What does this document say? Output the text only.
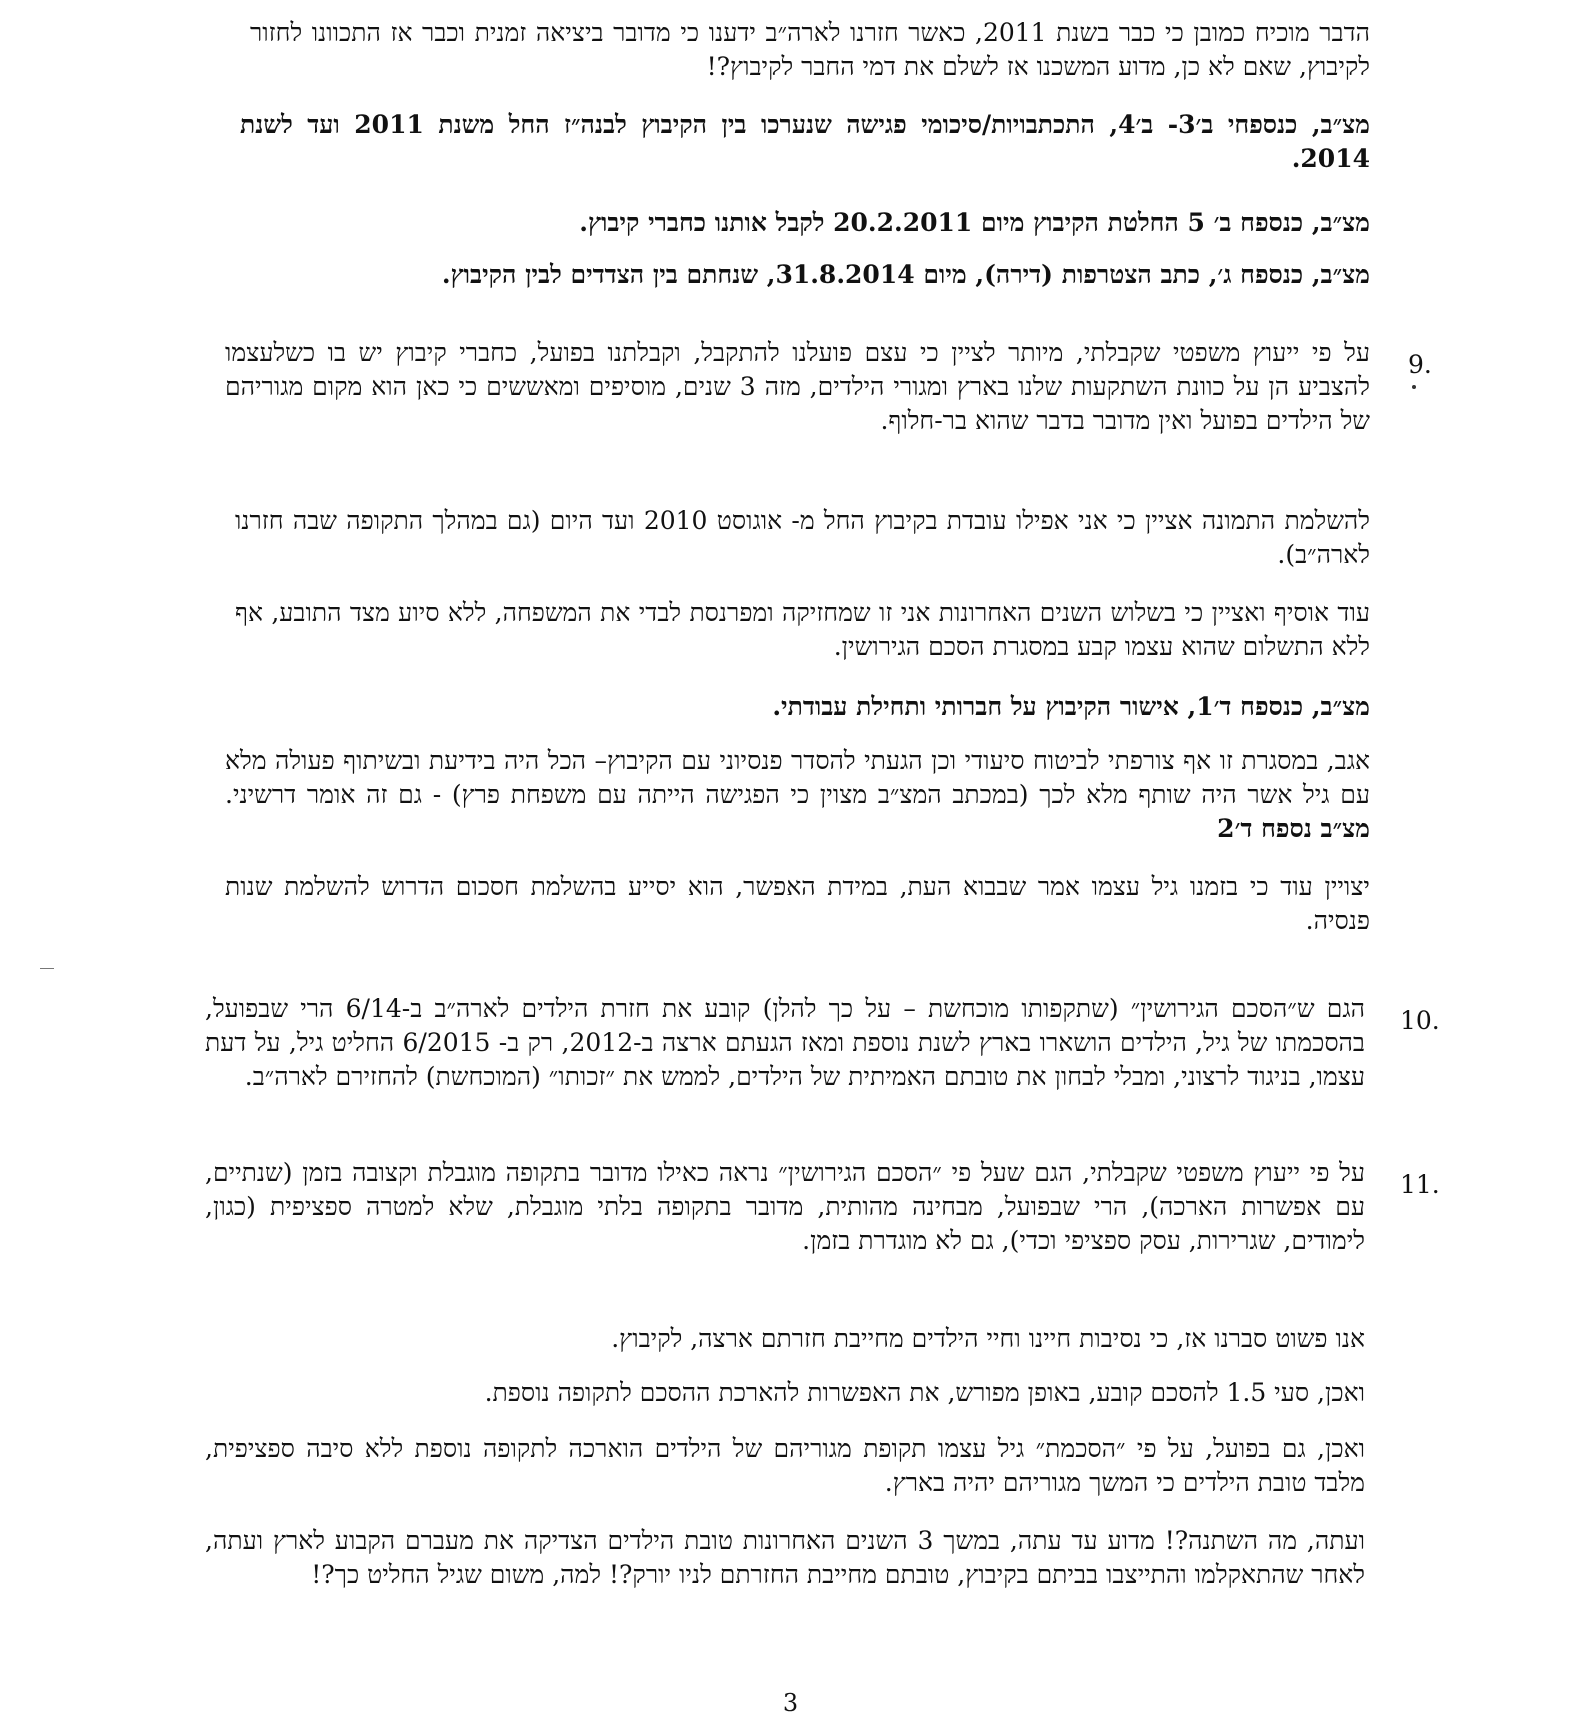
הדבר מוכיח כמובן כי כבר בשנת 2011, כאשר חזרנו לארה״ב ידענו כי מדובר ביציאה זמנית וכבר אז התכוונו לחזור לקיבוץ, שאם לא כן, מדוע המשכנו אז לשלם את דמי החבר לקיבוץ?!

מצ״ב, כנספחי ב׳3- ב׳4, התכתבויות/סיכומי פגישה שנערכו בין הקיבוץ לבנה״ז החל משנת 2011 ועד לשנת 2014.

מצ״ב, כנספח ב׳ 5 החלטת הקיבוץ מיום 20.2.2011 לקבל אותנו כחברי קיבוץ.

מצ״ב, כנספח ג׳, כתב הצטרפות (דירה), מיום 31.8.2014, שנחתם בין הצדדים לבין הקיבוץ.

9.

על פי ייעוץ משפטי שקבלתי, מיותר לציין כי עצם פועלנו להתקבל, וקבלתנו בפועל, כחברי קיבוץ יש בו כשלעצמו להצביע הן על כוונת השתקעות שלנו בארץ ומגורי הילדים, מזה 3 שנים, מוסיפים ומאששים כי כאן הוא מקום מגוריהם של הילדים בפועל ואין מדובר בדבר שהוא בר-חלוף.

להשלמת התמונה אציין כי אני אפילו עובדת בקיבוץ החל מ- אוגוסט 2010 ועד היום (גם במהלך התקופה שבה חזרנו לארה״ב).

עוד אוסיף ואציין כי בשלוש השנים האחרונות אני זו שמחזיקה ומפרנסת לבדי את המשפחה, ללא סיוע מצד התובע, אף ללא התשלום שהוא עצמו קבע במסגרת הסכם הגירושין.

מצ״ב, כנספח ד׳1, אישור הקיבוץ על חברותי ותחילת עבודתי.

אגב, במסגרת זו אף צורפתי לביטוח סיעודי וכן הגעתי להסדר פנסיוני עם הקיבוץ– הכל היה בידיעת ובשיתוף פעולה מלא עם גיל אשר היה שותף מלא לכך (במכתב המצ״ב מצוין כי הפגישה הייתה עם משפחת פרץ) - גם זה אומר דרשיני. מצ״ב נספח ד׳2

יצויין עוד כי בזמנו גיל עצמו אמר שבבוא העת, במידת האפשר, הוא יסייע בהשלמת חסכום הדרוש להשלמת שנות פנסיה.

10.

הגם ש״הסכם הגירושין״ (שתקפותו מוכחשת – על כך להלן) קובע את חזרת הילדים לארה״ב ב-6/14 הרי שבפועל, בהסכמתו של גיל, הילדים הושארו בארץ לשנת נוספת ומאז הגעתם ארצה ב-2012, רק ב- 6/2015 החליט גיל, על דעת עצמו, בניגוד לרצוני, ומבלי לבחון את טובתם האמיתית של הילדים, לממש את ״זכותו״ (המוכחשת) להחזירם לארה״ב.

11.

על פי ייעוץ משפטי שקבלתי, הגם שעל פי ״הסכם הגירושין״ נראה כאילו מדובר בתקופה מוגבלת וקצובה בזמן (שנתיים, עם אפשרות הארכה), הרי שבפועל, מבחינה מהותית, מדובר בתקופה בלתי מוגבלת, שלא למטרה ספציפית (כגון, לימודים, שגרירות, עסק ספציפי וכדי), גם לא מוגדרת בזמן.

אנו פשוט סברנו אז, כי נסיבות חיינו וחיי הילדים מחייבת חזרתם ארצה, לקיבוץ.

ואכן, סעי 1.5 להסכם קובע, באופן מפורש, את האפשרות להארכת ההסכם לתקופה נוספת.

ואכן, גם בפועל, על פי ״הסכמת״ גיל עצמו תקופת מגוריהם של הילדים הוארכה לתקופה נוספת ללא סיבה ספציפית, מלבד טובת הילדים כי המשך מגוריהם יהיה בארץ.

ועתה, מה השתנה?! מדוע עד עתה, במשך 3 השנים האחרונות טובת הילדים הצדיקה את מעברם הקבוע לארץ ועתה, לאחר שהתאקלמו והתייצבו בביתם בקיבוץ, טובתם מחייבת החזרתם לניו יורק?! למה, משום שגיל החליט כך?!

3
